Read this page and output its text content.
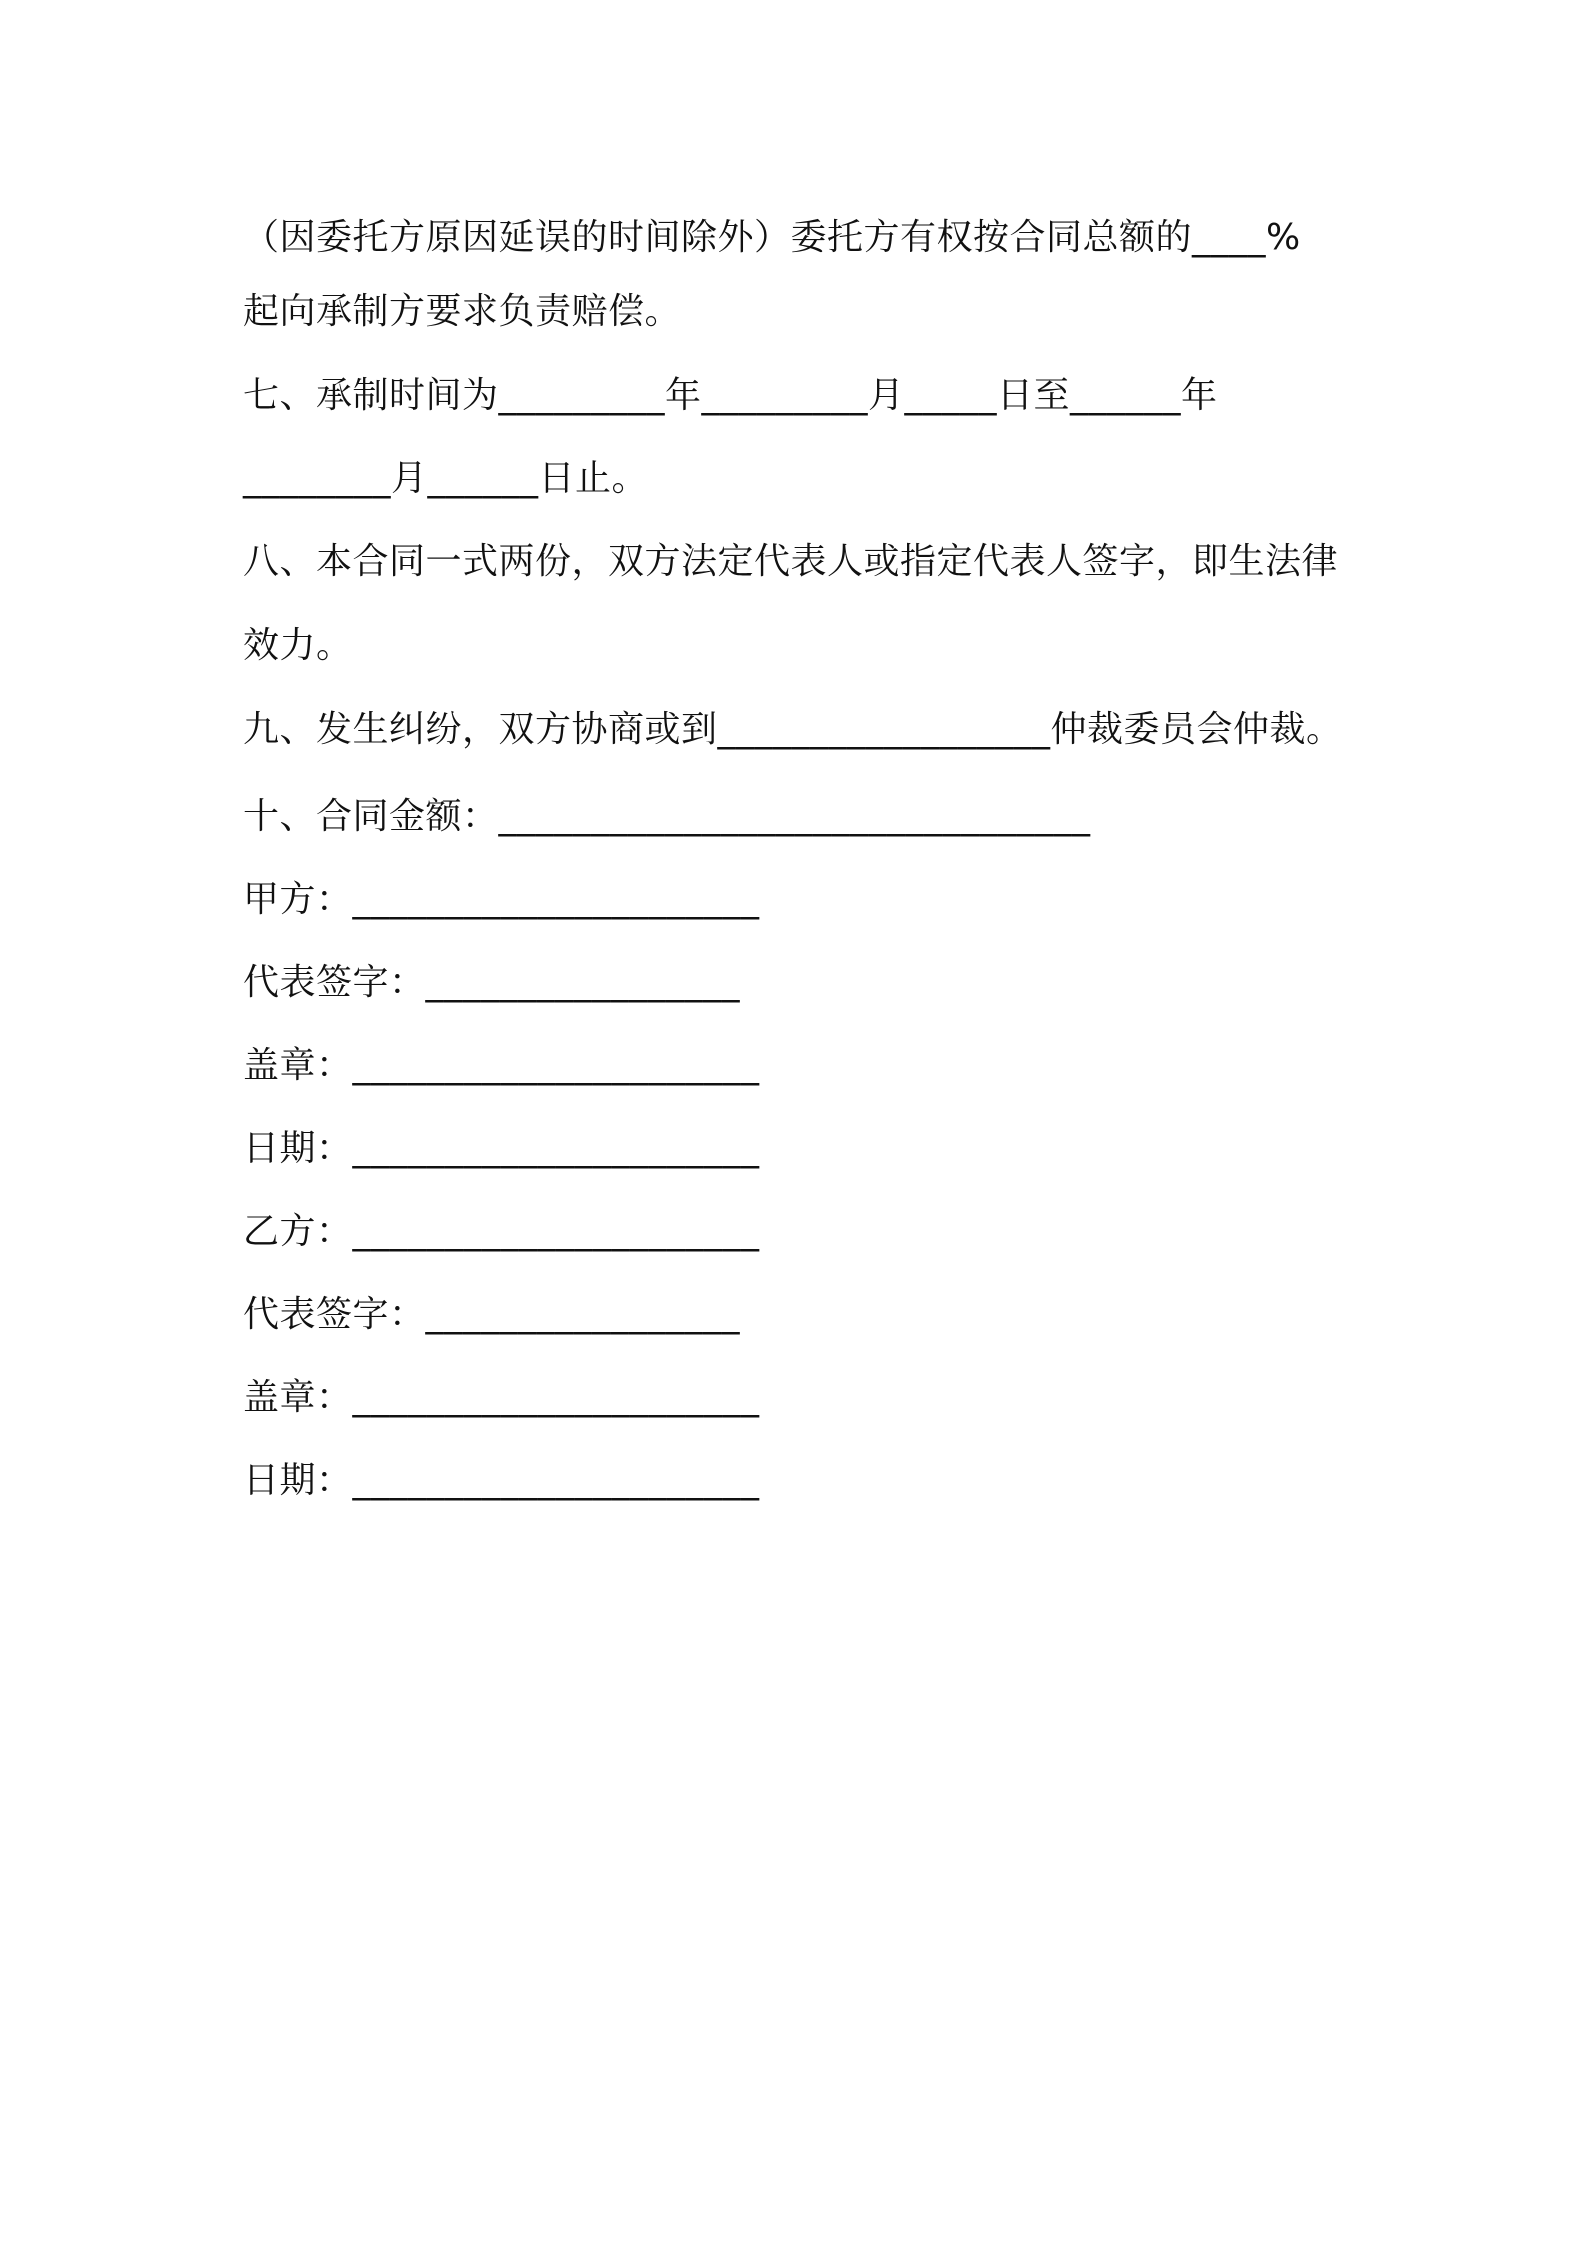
（因委托方原因延误的时间除外）委托方有权按合同总额的____%
起向承制方要求负责赔偿。
七、承制时间为_________年_________月_____日至______年
________月______日止。
八、本合同一式两份，双方法定代表人或指定代表人签字，即生法律
效力。
九、发生纠纷，双方协商或到__________________仲裁委员会仲裁。
十、合同金额：________________________________
甲方：______________________
代表签字：_________________
盖章：______________________
日期：______________________
乙方：______________________
代表签字：_________________
盖章：______________________
日期：______________________
